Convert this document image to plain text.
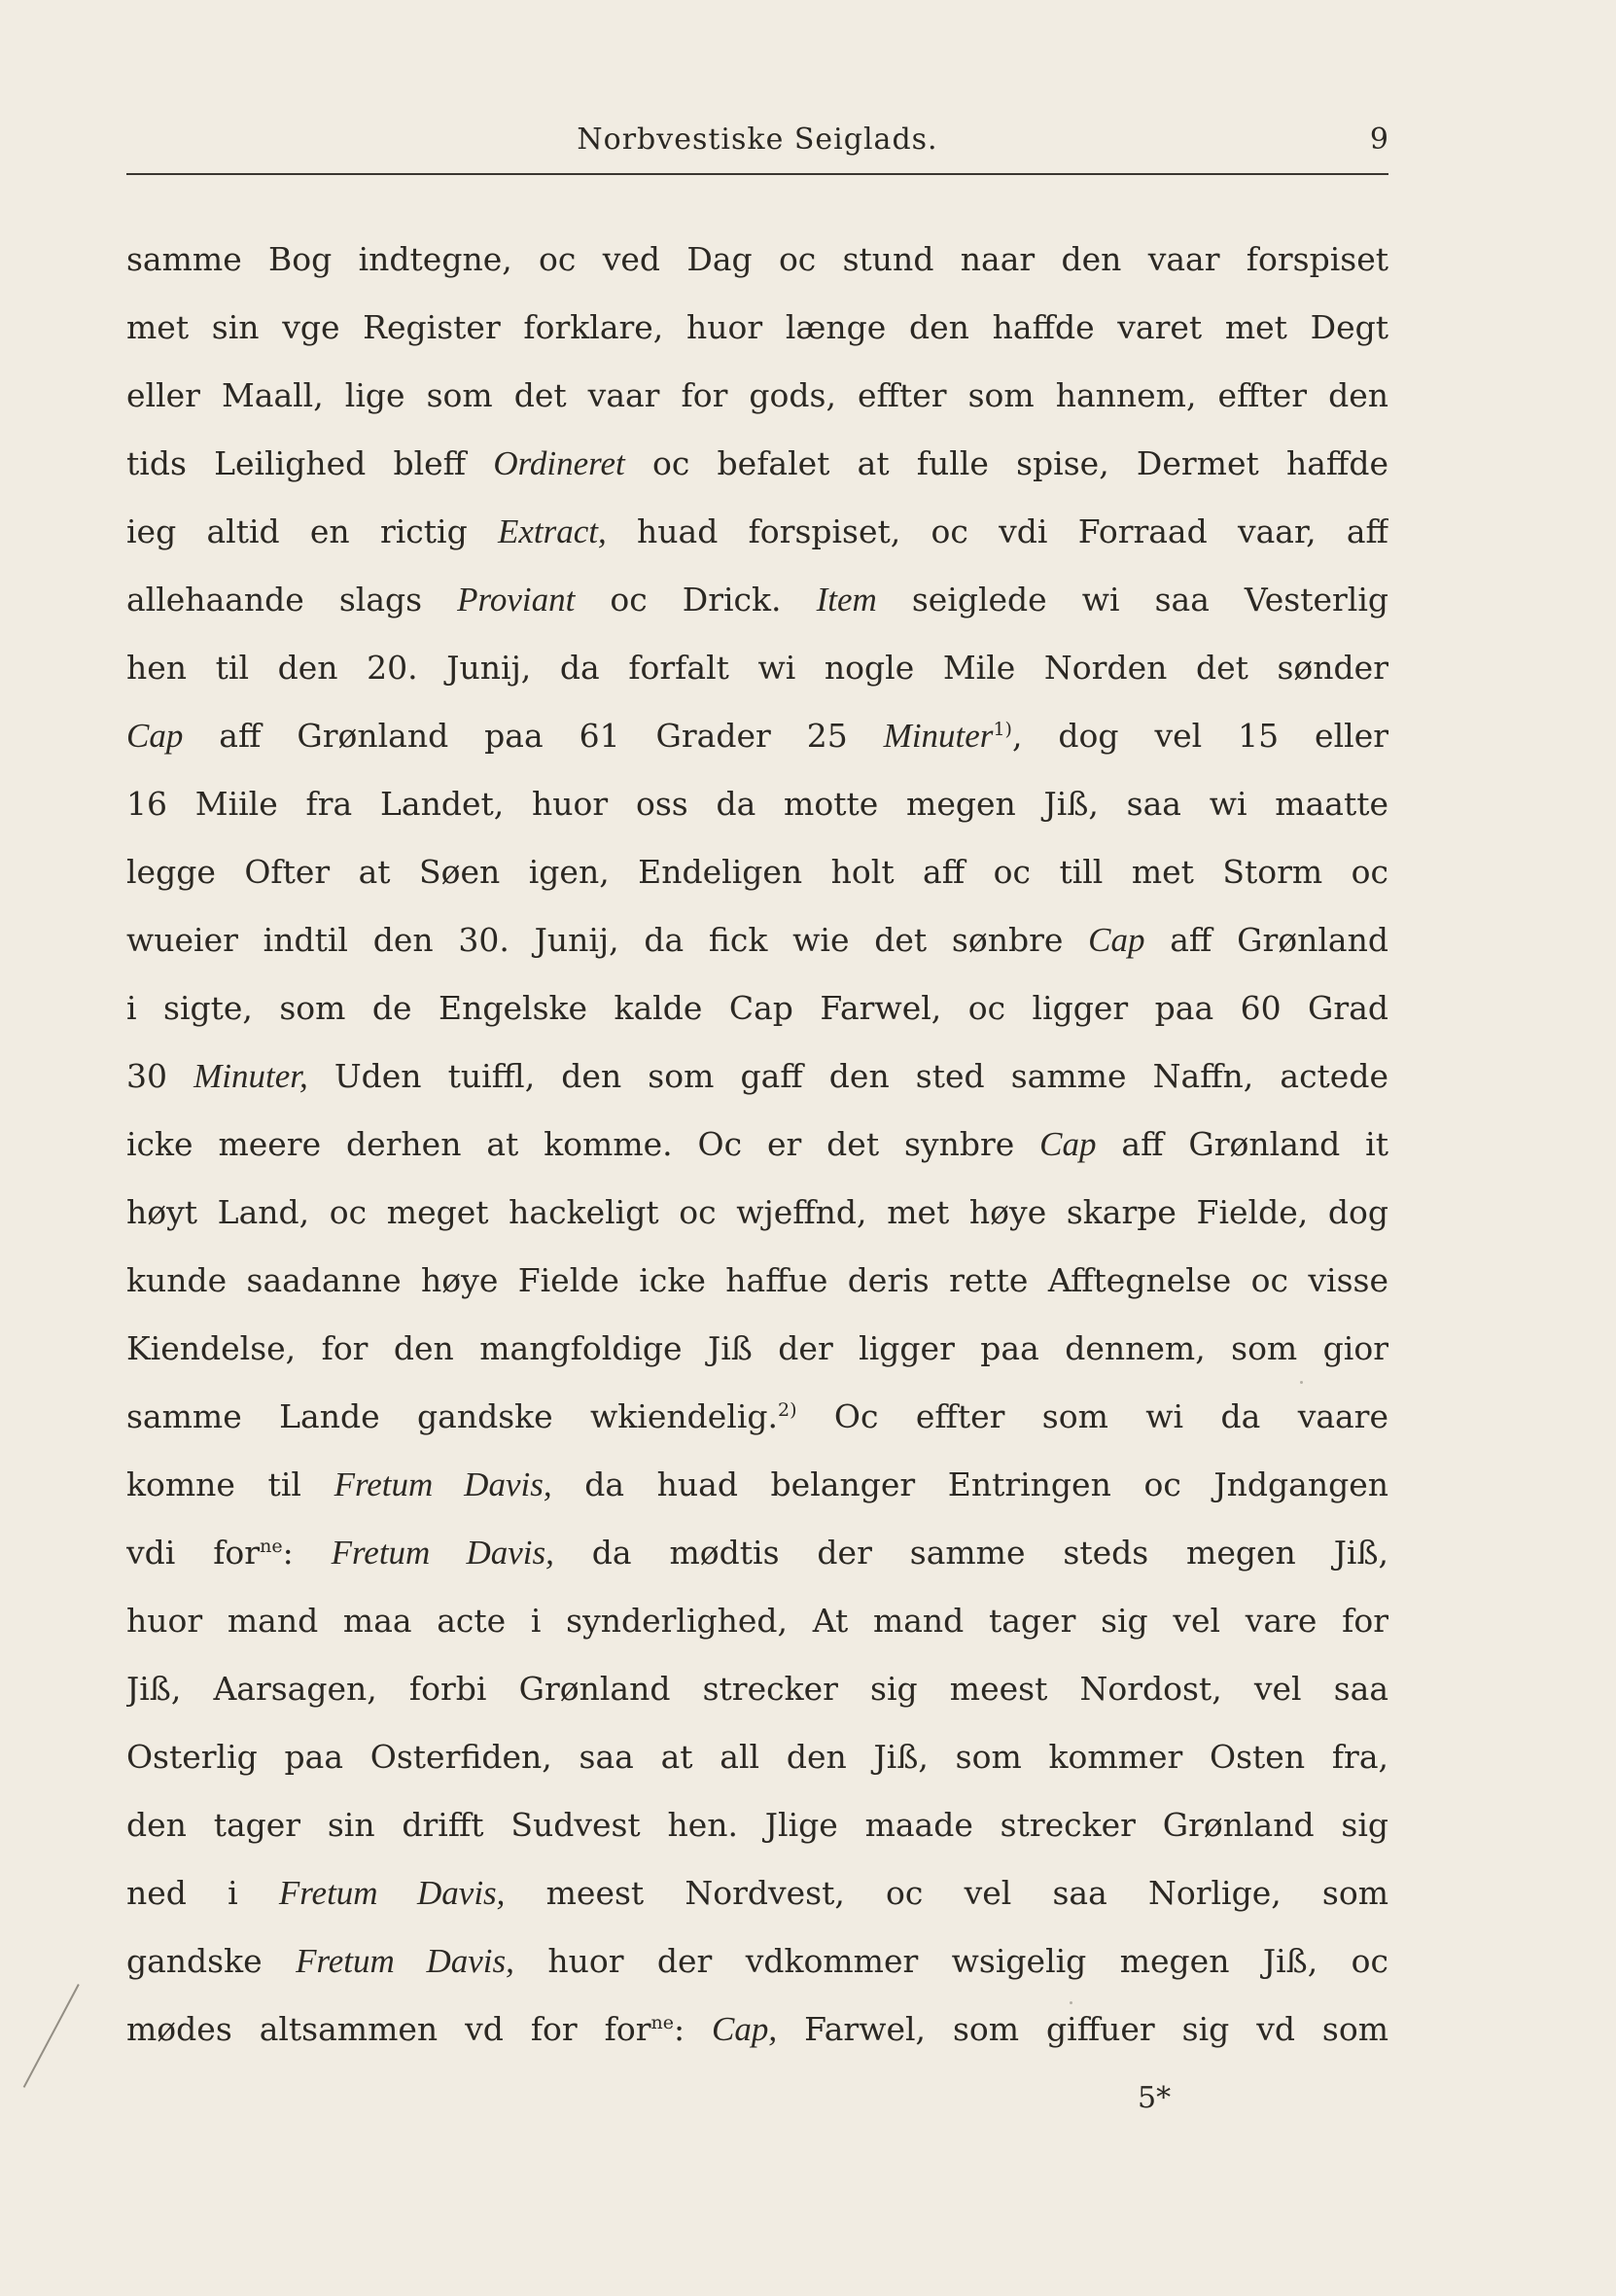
Norbvestiske Seiglads.	9
samme Bog indtegne, oc ved Dag oc stund naar den vaar forspiset
met sin vge Register forklare, huor længe den haffde varet met Degt
eller Maall, lige som det vaar for gods, effter som hannem, effter den
tids Leilighed bleff Ordineret oc befalet at fulle spise, Dermet haffde
ieg altid en rictig Extract, huad forspiset, oc vdi Forraad vaar, aff
allehaande slags Proviant oc Drick. Item seiglede wi saa Vesterlig
hen til den 20. Junij, da forfalt wi nogle Mile Norden det sønder
Cap aff Grønland paa 61 Grader 25 Minuter$^{1)}$, dog vel 15 eller
16 Miile fra Landet, huor oss da motte megen Jiß, saa wi maatte
legge Ofter at Søen igen, Endeligen holt aff oc till met Storm oc
wueier indtil den 30. Junij, da fick wie det sønbre Cap aff Grønland
i sigte, som de Engelske kalde Cap Farwel, oc ligger paa 60 Grad
30 Minuter, Uden tuiffl, den som gaff den sted samme Naffn, actede
icke meere derhen at komme. Oc er det synbre Cap aff Grønland it
høyt Land, oc meget hackeligt oc wjeffnd, met høye skarpe Fielde, dog
kunde saadanne høye Fielde icke haffue deris rette Afftegnelse oc visse
Kiendelse, for den mangfoldige Jiß der ligger paa dennem, som gior
samme Lande gandske wkiendelig.$^{2)}$ Oc effter som wi da vaare
komne til Fretum Davis, da huad belanger Entringen oc Jndgangen
vdi for$^{ne}$: Fretum Davis, da mødtis der samme steds megen Jiß,
huor mand maa acte i synderlighed, At mand tager sig vel vare for
Jiß, Aarsagen, forbi Grønland strecker sig meest Nordost, vel saa
Osterlig paa Osterfiden, saa at all den Jiß, som kommer Osten fra,
den tager sin drifft Sudvest hen. Jlige maade strecker Grønland sig
ned i Fretum Davis, meest Nordvest, oc vel saa Norlige, som
gandske Fretum Davis, huor der vdkommer wsigelig megen Jiß, oc
mødes altsammen vd for for$^{ne}$: Cap, Farwel, som giffuer sig vd som
5*
